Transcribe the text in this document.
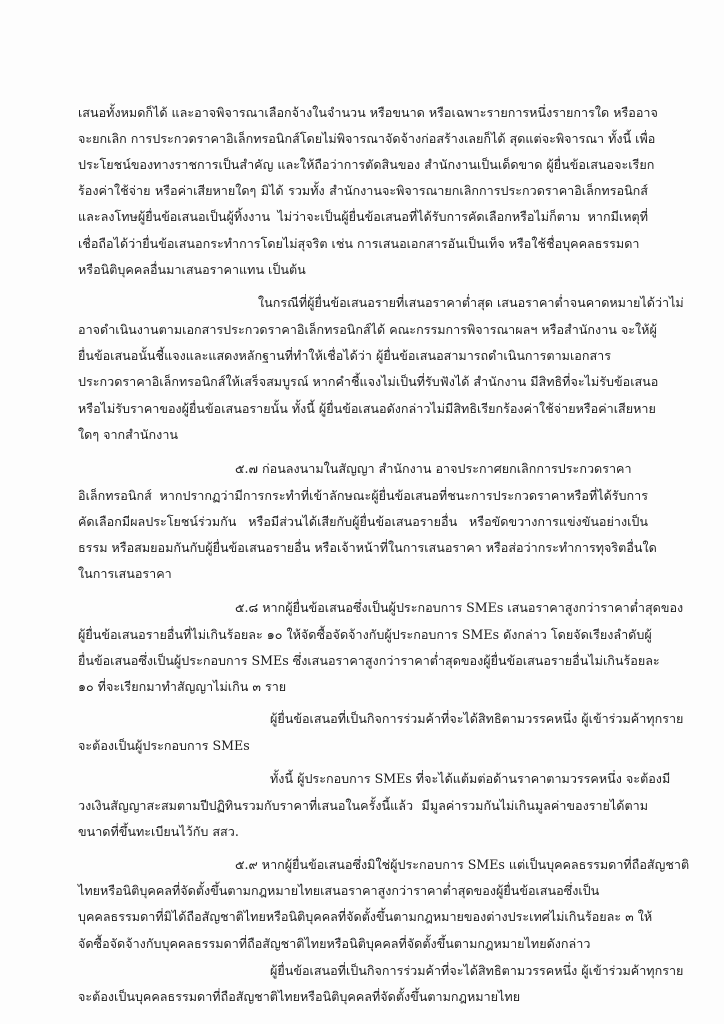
เสนอทั้งหมดก็ได้ และอาจพิจารณาเลือกจ้างในจำนวน หรือขนาด หรือเฉพาะรายการหนึ่งรายการใด หรืออาจ
จะยกเลิก การประกวดราคาอิเล็กทรอนิกส์โดยไม่พิจารณาจัดจ้างก่อสร้างเลยก็ได้ สุดแต่จะพิจารณา ทั้งนี้ เพื่อ
ประโยชน์ของทางราชการเป็นสำคัญ และให้ถือว่าการตัดสินของ สำนักงานเป็นเด็ดขาด ผู้ยื่นข้อเสนอจะเรียก
ร้องค่าใช้จ่าย หรือค่าเสียหายใดๆ มิได้ รวมทั้ง สำนักงานจะพิจารณายกเลิกการประกวดราคาอิเล็กทรอนิกส์
และลงโทษผู้ยื่นข้อเสนอเป็นผู้ทิ้งงาน ไม่ว่าจะเป็นผู้ยื่นข้อเสนอที่ได้รับการคัดเลือกหรือไม่ก็ตาม หากมีเหตุที่
เชื่อถือได้ว่ายื่นข้อเสนอกระทำการโดยไม่สุจริต เช่น การเสนอเอกสารอันเป็นเท็จ หรือใช้ชื่อบุคคลธรรมดา
หรือนิติบุคคลอื่นมาเสนอราคาแทน เป็นต้น
ในกรณีที่ผู้ยื่นข้อเสนอรายที่เสนอราคาต่ำสุด เสนอราคาต่ำจนคาดหมายได้ว่าไม่
อาจดำเนินงานตามเอกสารประกวดราคาอิเล็กทรอนิกส์ได้ คณะกรรมการพิจารณาผลฯ หรือสำนักงาน จะให้ผู้
ยื่นข้อเสนอนั้นชี้แจงและแสดงหลักฐานที่ทำให้เชื่อได้ว่า ผู้ยื่นข้อเสนอสามารถดำเนินการตามเอกสาร
ประกวดราคาอิเล็กทรอนิกส์ให้เสร็จสมบูรณ์ หากคำชี้แจงไม่เป็นที่รับฟังได้ สำนักงาน มีสิทธิที่จะไม่รับข้อเสนอ
หรือไม่รับราคาของผู้ยื่นข้อเสนอรายนั้น ทั้งนี้ ผู้ยื่นข้อเสนอดังกล่าวไม่มีสิทธิเรียกร้องค่าใช้จ่ายหรือค่าเสียหาย
ใดๆ จากสำนักงาน
๕.๗ ก่อนลงนามในสัญญา สำนักงาน อาจประกาศยกเลิกการประกวดราคา
อิเล็กทรอนิกส์ หากปรากฏว่ามีการกระทำที่เข้าลักษณะผู้ยื่นข้อเสนอที่ชนะการประกวดราคาหรือที่ได้รับการ
คัดเลือกมีผลประโยชน์ร่วมกัน หรือมีส่วนได้เสียกับผู้ยื่นข้อเสนอรายอื่น หรือขัดขวางการแข่งขันอย่างเป็น
ธรรม หรือสมยอมกันกับผู้ยื่นข้อเสนอรายอื่น หรือเจ้าหน้าที่ในการเสนอราคา หรือส่อว่ากระทำการทุจริตอื่นใด
ในการเสนอราคา
๕.๘ หากผู้ยื่นข้อเสนอซึ่งเป็นผู้ประกอบการ SMEs เสนอราคาสูงกว่าราคาต่ำสุดของ
ผู้ยื่นข้อเสนอรายอื่นที่ไม่เกินร้อยละ ๑๐ ให้จัดซื้อจัดจ้างกับผู้ประกอบการ SMEs ดังกล่าว โดยจัดเรียงลำดับผู้
ยื่นข้อเสนอซึ่งเป็นผู้ประกอบการ SMEs ซึ่งเสนอราคาสูงกว่าราคาต่ำสุดของผู้ยื่นข้อเสนอรายอื่นไม่เกินร้อยละ
๑๐ ที่จะเรียกมาทำสัญญาไม่เกิน ๓ ราย
ผู้ยื่นข้อเสนอที่เป็นกิจการร่วมค้าที่จะได้สิทธิตามวรรคหนึ่ง ผู้เข้าร่วมค้าทุกราย
จะต้องเป็นผู้ประกอบการ SMEs
ทั้งนี้ ผู้ประกอบการ SMEs ที่จะได้แต้มต่อด้านราคาตามวรรคหนึ่ง จะต้องมี
วงเงินสัญญาสะสมตามปีปฏิทินรวมกับราคาที่เสนอในครั้งนี้แล้ว มีมูลค่ารวมกันไม่เกินมูลค่าของรายได้ตาม
ขนาดที่ขึ้นทะเบียนไว้กับ สสว.
๕.๙ หากผู้ยื่นข้อเสนอซึ่งมิใช่ผู้ประกอบการ SMEs แต่เป็นบุคคลธรรมดาที่ถือสัญชาติ
ไทยหรือนิติบุคคลที่จัดตั้งขึ้นตามกฎหมายไทยเสนอราคาสูงกว่าราคาต่ำสุดของผู้ยื่นข้อเสนอซึ่งเป็น
บุคคลธรรมดาที่มิได้ถือสัญชาติไทยหรือนิติบุคคลที่จัดตั้งขึ้นตามกฎหมายของต่างประเทศไม่เกินร้อยละ ๓ ให้
จัดซื้อจัดจ้างกับบุคคลธรรมดาที่ถือสัญชาติไทยหรือนิติบุคคลที่จัดตั้งขึ้นตามกฎหมายไทยดังกล่าว
ผู้ยื่นข้อเสนอที่เป็นกิจการร่วมค้าที่จะได้สิทธิตามวรรคหนึ่ง ผู้เข้าร่วมค้าทุกราย
จะต้องเป็นบุคคลธรรมดาที่ถือสัญชาติไทยหรือนิติบุคคลที่จัดตั้งขึ้นตามกฎหมายไทย
